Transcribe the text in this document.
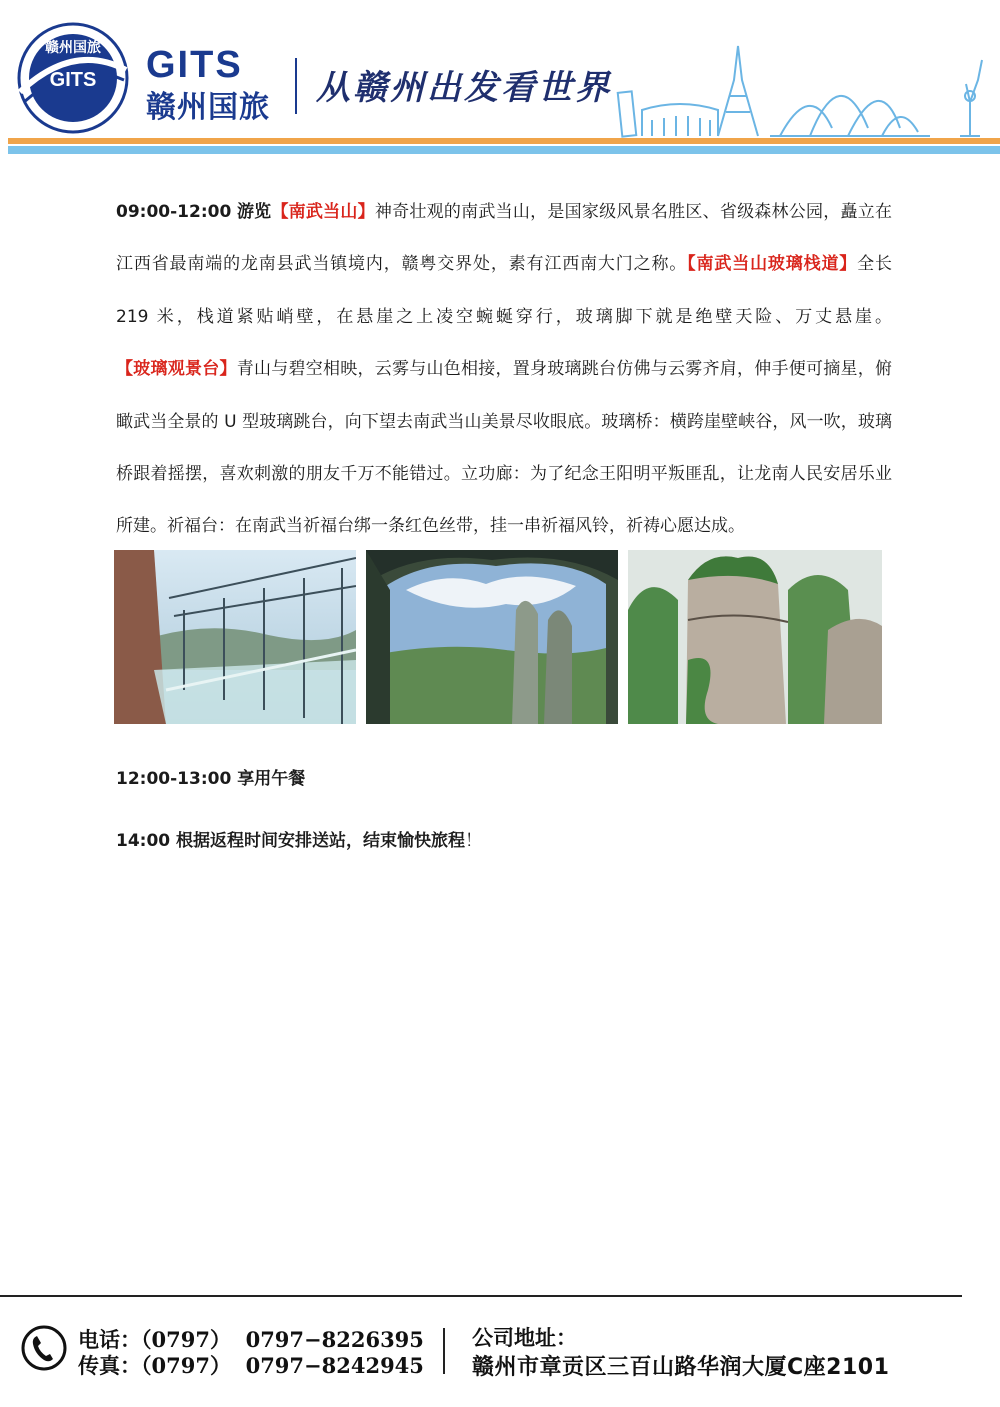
赣州国旅
GITS GITS
赣州国旅 从赣州出发看世界

09:00-12:00 游览【南武当山】神奇壮观的南武当山，是国家级风景名胜区、省级森林公园，矗立在江西省最南端的龙南县武当镇境内，赣粤交界处，素有江西南大门之称。【南武当山玻璃栈道】全长 219 米，栈道紧贴峭壁，在悬崖之上凌空蜿蜒穿行，玻璃脚下就是绝壁天险、万丈悬崖。【玻璃观景台】青山与碧空相映，云雾与山色相接，置身玻璃跳台仿佛与云雾齐肩，伸手便可摘星，俯瞰武当全景的 U 型玻璃跳台，向下望去南武当山美景尽收眼底。玻璃桥：横跨崖壁峡谷，风一吹，玻璃桥跟着摇摆，喜欢刺激的朋友千万不能错过。立功廊：为了纪念王阳明平叛匪乱，让龙南人民安居乐业所建。祈福台：在南武当祈福台绑一条红色丝带，挂一串祈福风铃，祈祷心愿达成。

12:00-13:00 享用午餐
14:00 根据返程时间安排送站，结束愉快旅程！
电话：（0797） 0797−8226395
传真：（0797） 0797−8242945
公司地址：
赣州市章贡区三百山路华润大厦C座2101
